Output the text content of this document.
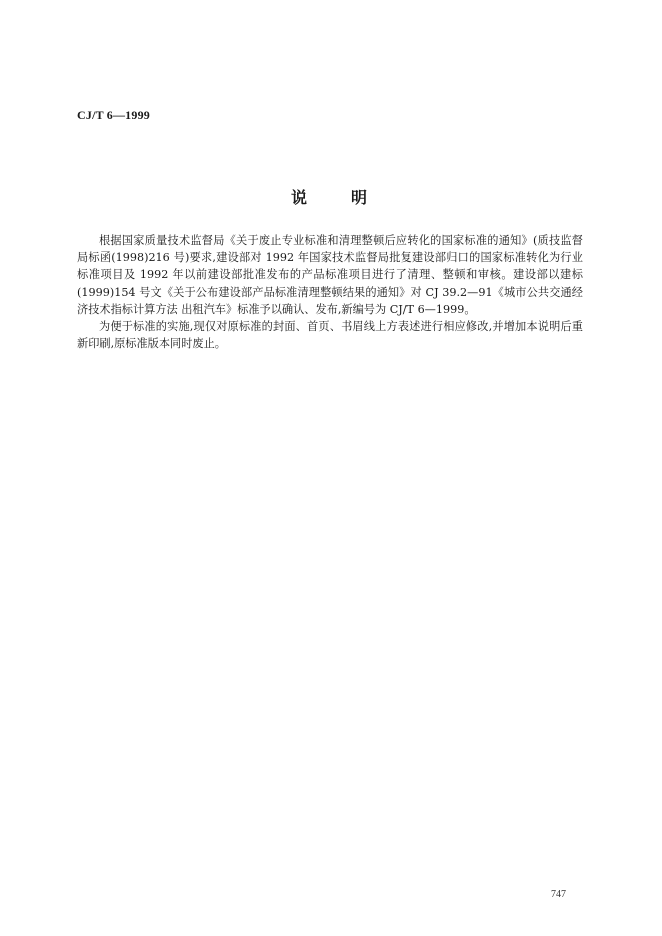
CJ/T 6—1999
说明

根据国家质量技术监督局《关于废止专业标准和清理整顿后应转化的国家标准的通知》(质技监督局标函(1998)216 号)要求,建设部对 1992 年国家技术监督局批复建设部归口的国家标准转化为行业标准项目及 1992 年以前建设部批准发布的产品标准项目进行了清理、整顿和审核。建设部以建标(1999)154 号文《关于公布建设部产品标准清理整顿结果的通知》对 CJ 39.2—91《城市公共交通经济技术指标计算方法 出租汽车》标准予以确认、发布,新编号为 CJ/T 6—1999。

为便于标准的实施,现仅对原标准的封面、首页、书眉线上方表述进行相应修改,并增加本说明后重新印刷,原标准版本同时废止。

747
